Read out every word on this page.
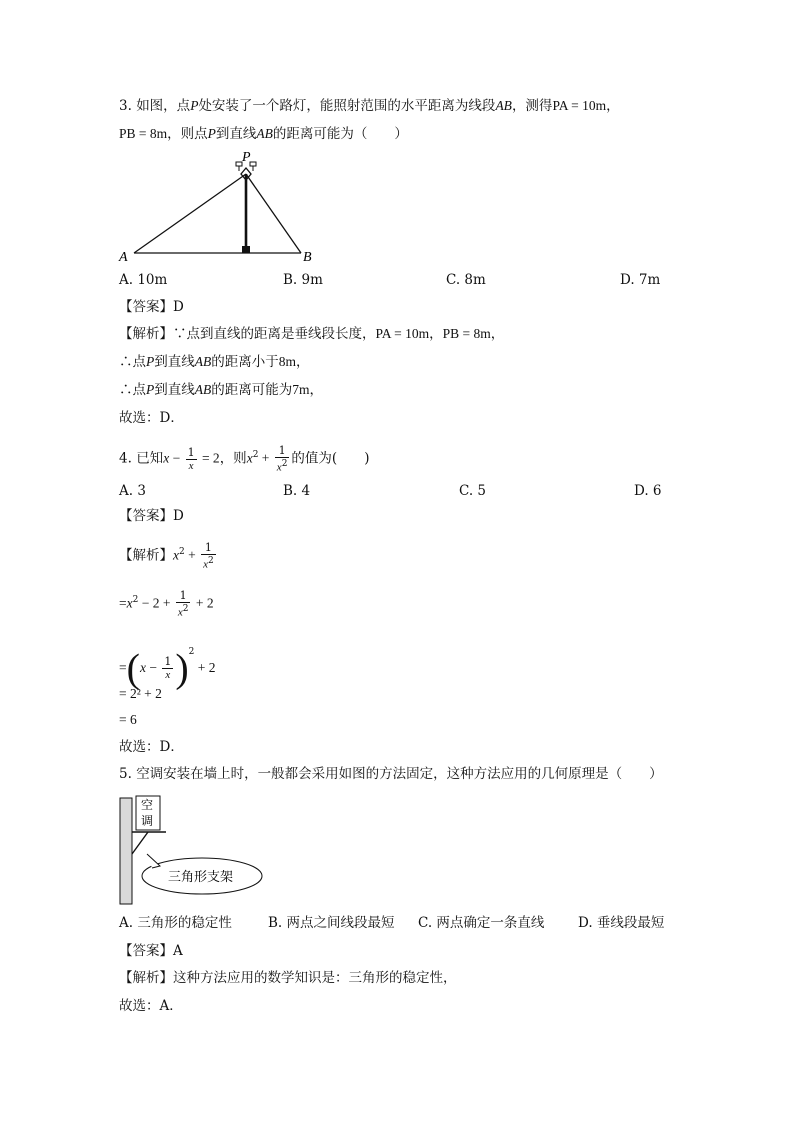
3. 如图，点P处安装了一个路灯，能照射范围的水平距离为线段AB，测得PA = 10m，
PB = 8m，则点P到直线AB的距离可能为（　　）
P
A	B
A. 10m	B. 9m	C. 8m	D. 7m
【答案】D
【解析】∵点到直线的距离是垂线段长度，PA = 10m，PB = 8m，
∴点P到直线AB的距离小于8m，
∴点P到直线AB的距离可能为7m，
故选：D．
4. 已知$x - \frac{1}{x} = 2$，则$x^2 + \frac{1}{x^2}$ 的值为(　　)
A. 3	B. 4	C. 5	D. 6
【答案】D
【解析】$x^2 + \frac{1}{x^2}$
$=x^2 - 2 + \frac{1}{x^2} + 2$
$=(x - \frac{1}{x} )^2 + 2$
= 2² + 2
= 6
故选：D．
5. 空调安装在墙上时，一般都会采用如图的方法固定，这种方法应用的几何原理是（　　）
空
调
三角形支架
A. 三角形的稳定性	B. 两点之间线段最短 C. 两点确定一条直线 D. 垂线段最短
【答案】A
【解析】这种方法应用的数学知识是：三角形的稳定性，
故选：A．
